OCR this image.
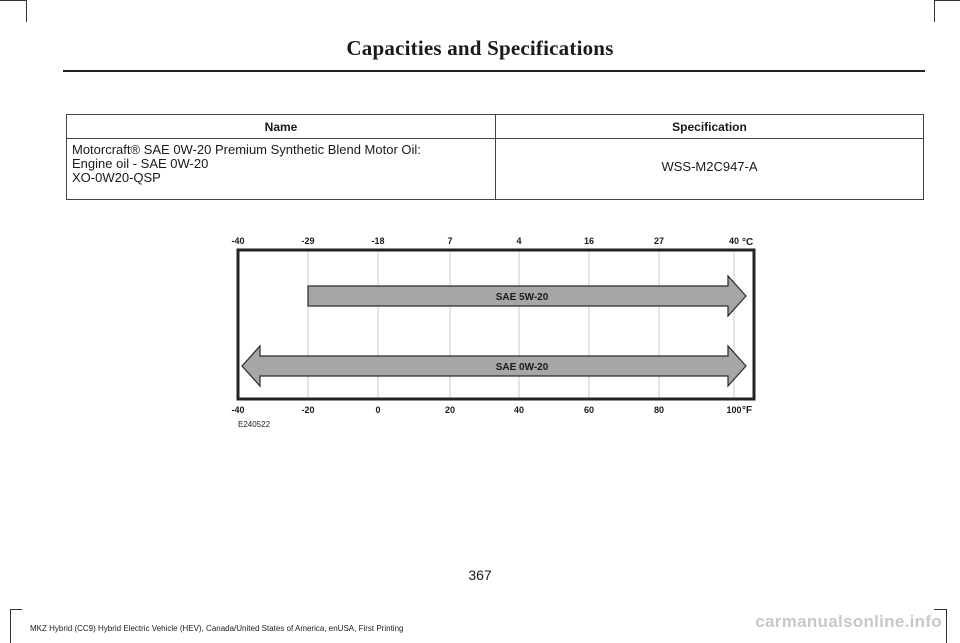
Capacities and Specifications
Name	Specification

Motorcraft® SAE 0W-20 Premium Synthetic Blend Motor Oil:
Engine oil - SAE 0W-20
XO-0W20-QSP	WSS-M2C947-A
-40	-29	-18	7	4	16	27	40 °C
-40	-20	0	20	40	60	80	100 °F
SAE 5W-20
SAE 0W-20
E240522
367
MKZ Hybrid (CC9) Hybrid Electric Vehicle (HEV), Canada/United States of America, enUSA, First Printing	carmanualsonline.info
